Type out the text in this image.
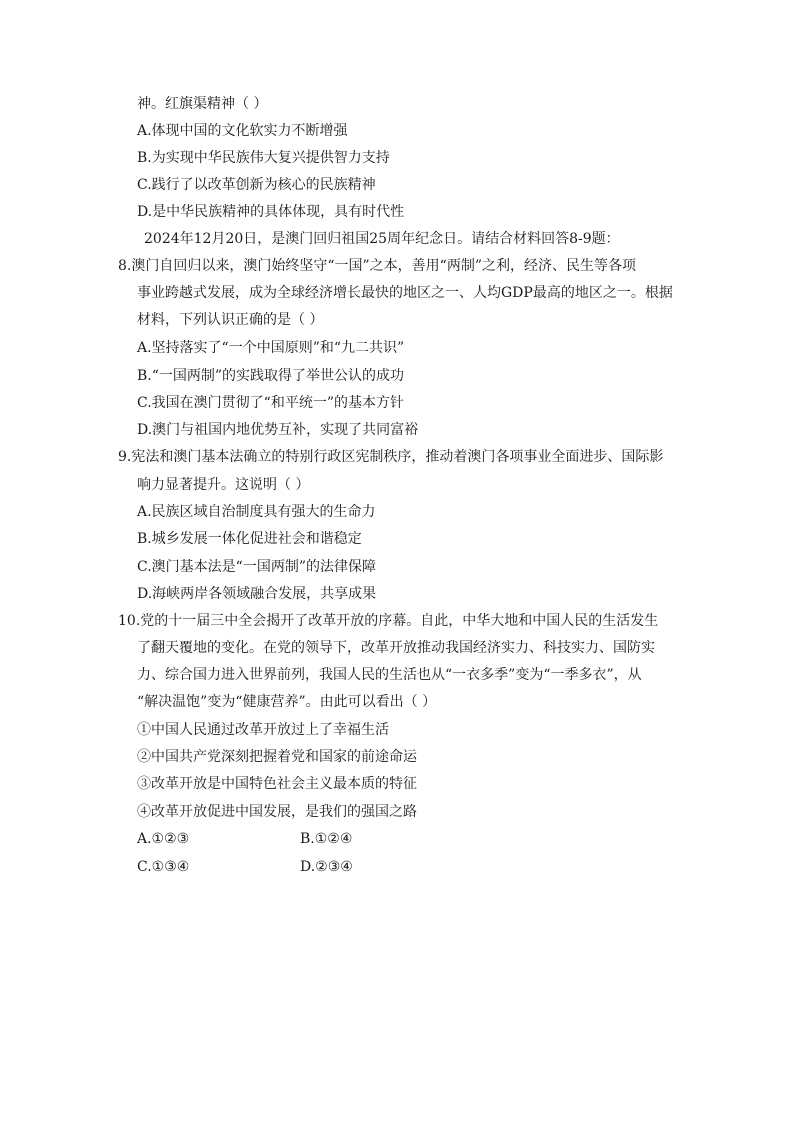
神。红旗渠精神（ ）
A.体现中国的文化软实力不断增强
B.为实现中华民族伟大复兴提供智力支持
C.践行了以改革创新为核心的民族精神
D.是中华民族精神的具体体现，具有时代性
2024年12月20日，是澳门回归祖国25周年纪念日。请结合材料回答8-9题：
8.澳门自回归以来，澳门始终坚守“一国”之本，善用“两制”之利，经济、民生等各项
事业跨越式发展，成为全球经济增长最快的地区之一、人均GDP最高的地区之一。根据
材料，下列认识正确的是（ ）
A.坚持落实了“一个中国原则”和“九二共识”
B.“一国两制”的实践取得了举世公认的成功
C.我国在澳门贯彻了“和平统一”的基本方针
D.澳门与祖国内地优势互补，实现了共同富裕
9.宪法和澳门基本法确立的特别行政区宪制秩序，推动着澳门各项事业全面进步、国际影
响力显著提升。这说明（ ）
A.民族区域自治制度具有强大的生命力
B.城乡发展一体化促进社会和谐稳定
C.澳门基本法是“一国两制”的法律保障
D.海峡两岸各领域融合发展，共享成果
10.党的十一届三中全会揭开了改革开放的序幕。自此，中华大地和中国人民的生活发生
了翻天覆地的变化。在党的领导下，改革开放推动我国经济实力、科技实力、国防实
力、综合国力进入世界前列，我国人民的生活也从“一衣多季”变为“一季多衣”，从
“解决温饱”变为“健康营养”。由此可以看出（ ）
①中国人民通过改革开放过上了幸福生活
②中国共产党深刻把握着党和国家的前途命运
③改革开放是中国特色社会主义最本质的特征
④改革开放促进中国发展，是我们的强国之路
A.①②③	B.①②④
C.①③④	D.②③④
